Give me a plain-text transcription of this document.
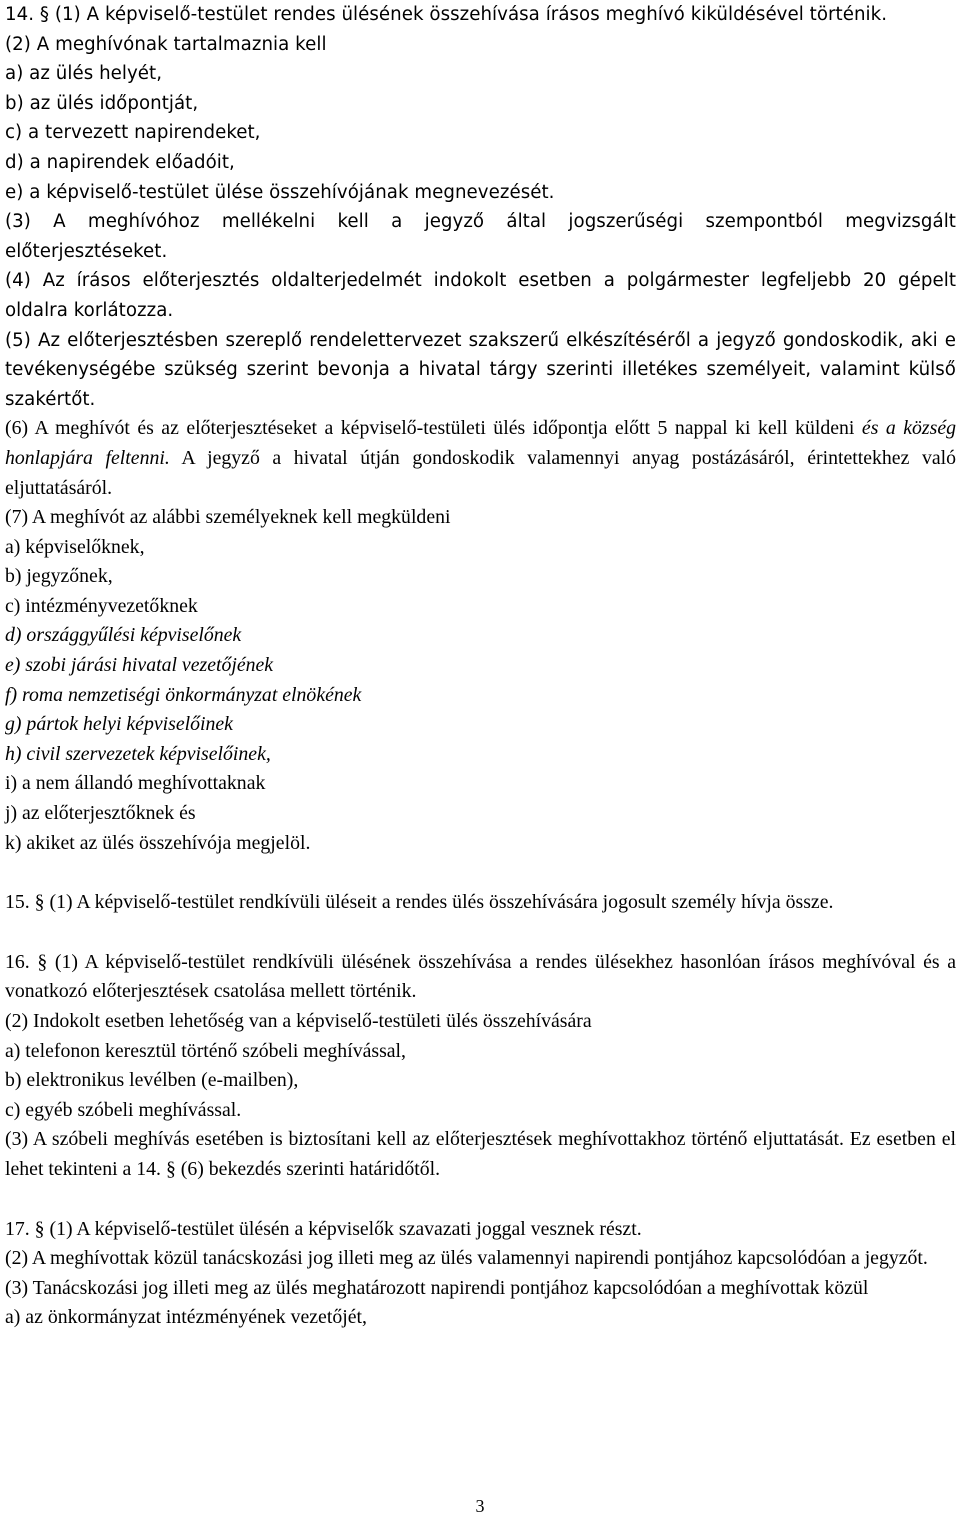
14. § (1) A képviselő-testület rendes ülésének összehívása írásos meghívó kiküldésével történik.

(2) A meghívónak tartalmaznia kell

a) az ülés helyét,

b) az ülés időpontját,

c) a tervezett napirendeket,

d) a napirendek előadóit,

e) a képviselő-testület ülése összehívójának megnevezését.

(3) A meghívóhoz mellékelni kell a jegyző által jogszerűségi szempontból megvizsgált előterjesztéseket.

(4) Az írásos előterjesztés oldalterjedelmét indokolt esetben a polgármester legfeljebb 20 gépelt oldalra korlátozza.

(5) Az előterjesztésben szereplő rendelettervezet szakszerű elkészítéséről a jegyző gondoskodik, aki e tevékenységébe szükség szerint bevonja a hivatal tárgy szerinti illetékes személyeit, valamint külső szakértőt.

(6) A meghívót és az előterjesztéseket a képviselő-testületi ülés időpontja előtt 5 nappal ki kell küldeni és a község honlapjára feltenni. A jegyző a hivatal útján gondoskodik valamennyi anyag postázásáról, érintettekhez való eljuttatásáról.

(7) A meghívót az alábbi személyeknek kell megküldeni

a) képviselőknek,

b) jegyzőnek,

c) intézményvezetőknek

d) országgyűlési képviselőnek

e) szobi járási hivatal vezetőjének

f) roma nemzetiségi önkormányzat elnökének

g) pártok helyi képviselőinek

h) civil szervezetek képviselőinek,

i) a nem állandó meghívottaknak

j) az előterjesztőknek és

k) akiket az ülés összehívója megjelöl.

15. § (1) A képviselő-testület rendkívüli üléseit a rendes ülés összehívására jogosult személy hívja össze.

16. § (1) A képviselő-testület rendkívüli ülésének összehívása a rendes ülésekhez hasonlóan írásos meghívóval és a vonatkozó előterjesztések csatolása mellett történik.

(2) Indokolt esetben lehetőség van a képviselő-testületi ülés összehívására

a) telefonon keresztül történő szóbeli meghívással,

b) elektronikus levélben (e-mailben),

c) egyéb szóbeli meghívással.

(3) A szóbeli meghívás esetében is biztosítani kell az előterjesztések meghívottakhoz történő eljuttatását. Ez esetben el lehet tekinteni a 14. § (6) bekezdés szerinti határidőtől.

17. § (1) A képviselő-testület ülésén a képviselők szavazati joggal vesznek részt.

(2) A meghívottak közül tanácskozási jog illeti meg az ülés valamennyi napirendi pontjához kapcsolódóan a jegyzőt.

(3) Tanácskozási jog illeti meg az ülés meghatározott napirendi pontjához kapcsolódóan a meghívottak közül

a) az önkormányzat intézményének vezetőjét,

3
